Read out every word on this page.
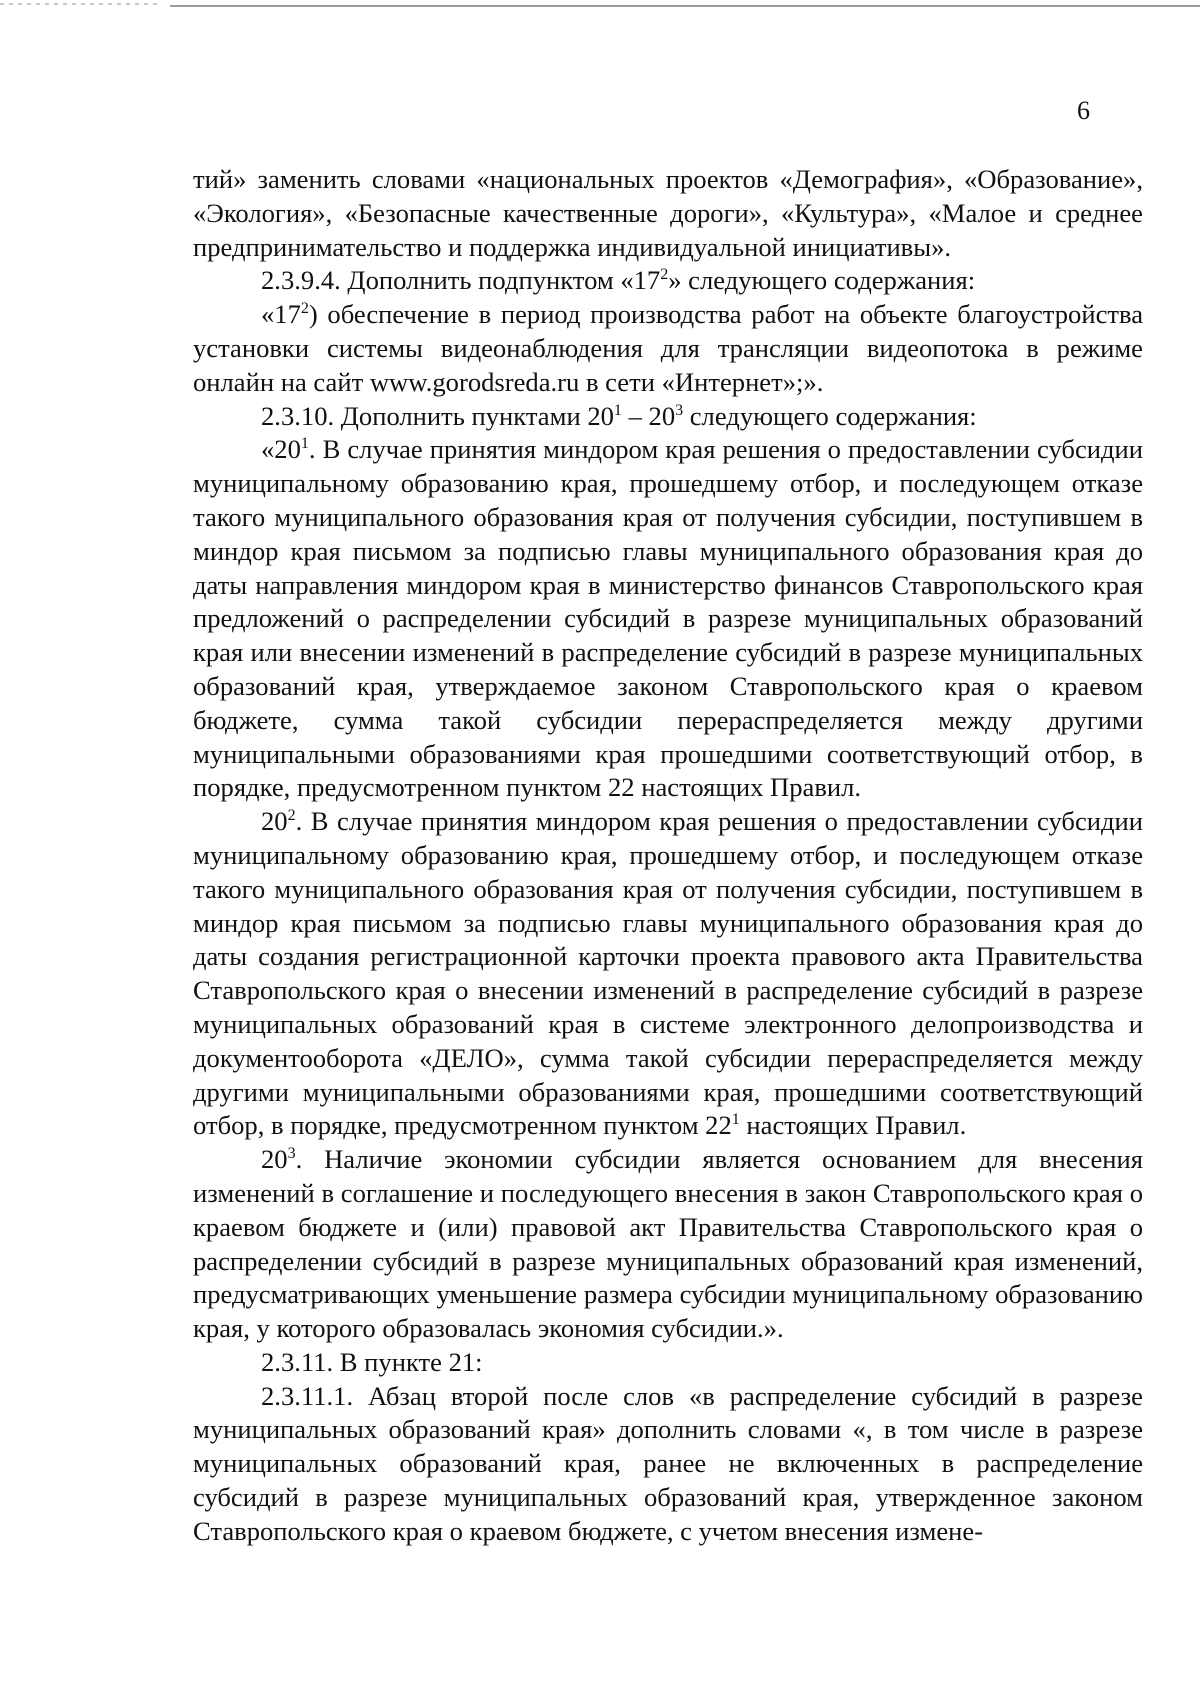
6

тий» заменить словами «национальных проектов «Демография», «Образование», «Экология», «Безопасные качественные дороги», «Культура», «Малое и среднее предпринимательство и поддержка индивидуальной инициативы».

2.3.9.4. Дополнить подпунктом «$17^2$» следующего содержания:

«$17^2$) обеспечение в период производства работ на объекте благоустройства установки системы видеонаблюдения для трансляции видеопотока в режиме онлайн на сайт www.gorodsreda.ru в сети «Интернет»;».

2.3.10. Дополнить пунктами $20^1 - 20^3$ следующего содержания:

«$20^1$. В случае принятия миндором края решения о предоставлении субсидии муниципальному образованию края, прошедшему отбор, и последующем отказе такого муниципального образования края от получения субсидии, поступившем в миндор края письмом за подписью главы муниципального образования края до даты направления миндором края в министерство финансов Ставропольского края предложений о распределении субсидий в разрезе муниципальных образований края или внесении изменений в распределение субсидий в разрезе муниципальных образований края, утверждаемое законом Ставропольского края о краевом бюджете, сумма такой субсидии перераспределяется между другими муниципальными образованиями края прошедшими соответствующий отбор, в порядке, предусмотренном пунктом 22 настоящих Правил.

$20^2$. В случае принятия миндором края решения о предоставлении субсидии муниципальному образованию края, прошедшему отбор, и последующем отказе такого муниципального образования края от получения субсидии, поступившем в миндор края письмом за подписью главы муниципального образования края до даты создания регистрационной карточки проекта правового акта Правительства Ставропольского края о внесении изменений в распределение субсидий в разрезе муниципальных образований края в системе электронного делопроизводства и документооборота «ДЕЛО», сумма такой субсидии перераспределяется между другими муниципальными образованиями края, прошедшими соответствующий отбор, в порядке, предусмотренном пунктом $22^1$ настоящих Правил.

$20^3$. Наличие экономии субсидии является основанием для внесения изменений в соглашение и последующего внесения в закон Ставропольского края о краевом бюджете и (или) правовой акт Правительства Ставропольского края о распределении субсидий в разрезе муниципальных образований края изменений, предусматривающих уменьшение размера субсидии муниципальному образованию края, у которого образовалась экономия субсидии.».

2.3.11. В пункте 21:

2.3.11.1. Абзац второй после слов «в распределение субсидий в разрезе муниципальных образований края» дополнить словами «, в том числе в разрезе муниципальных образований края, ранее не включенных в распределение субсидий в разрезе муниципальных образований края, утвержденное законом Ставропольского края о краевом бюджете, с учетом внесения измене-
